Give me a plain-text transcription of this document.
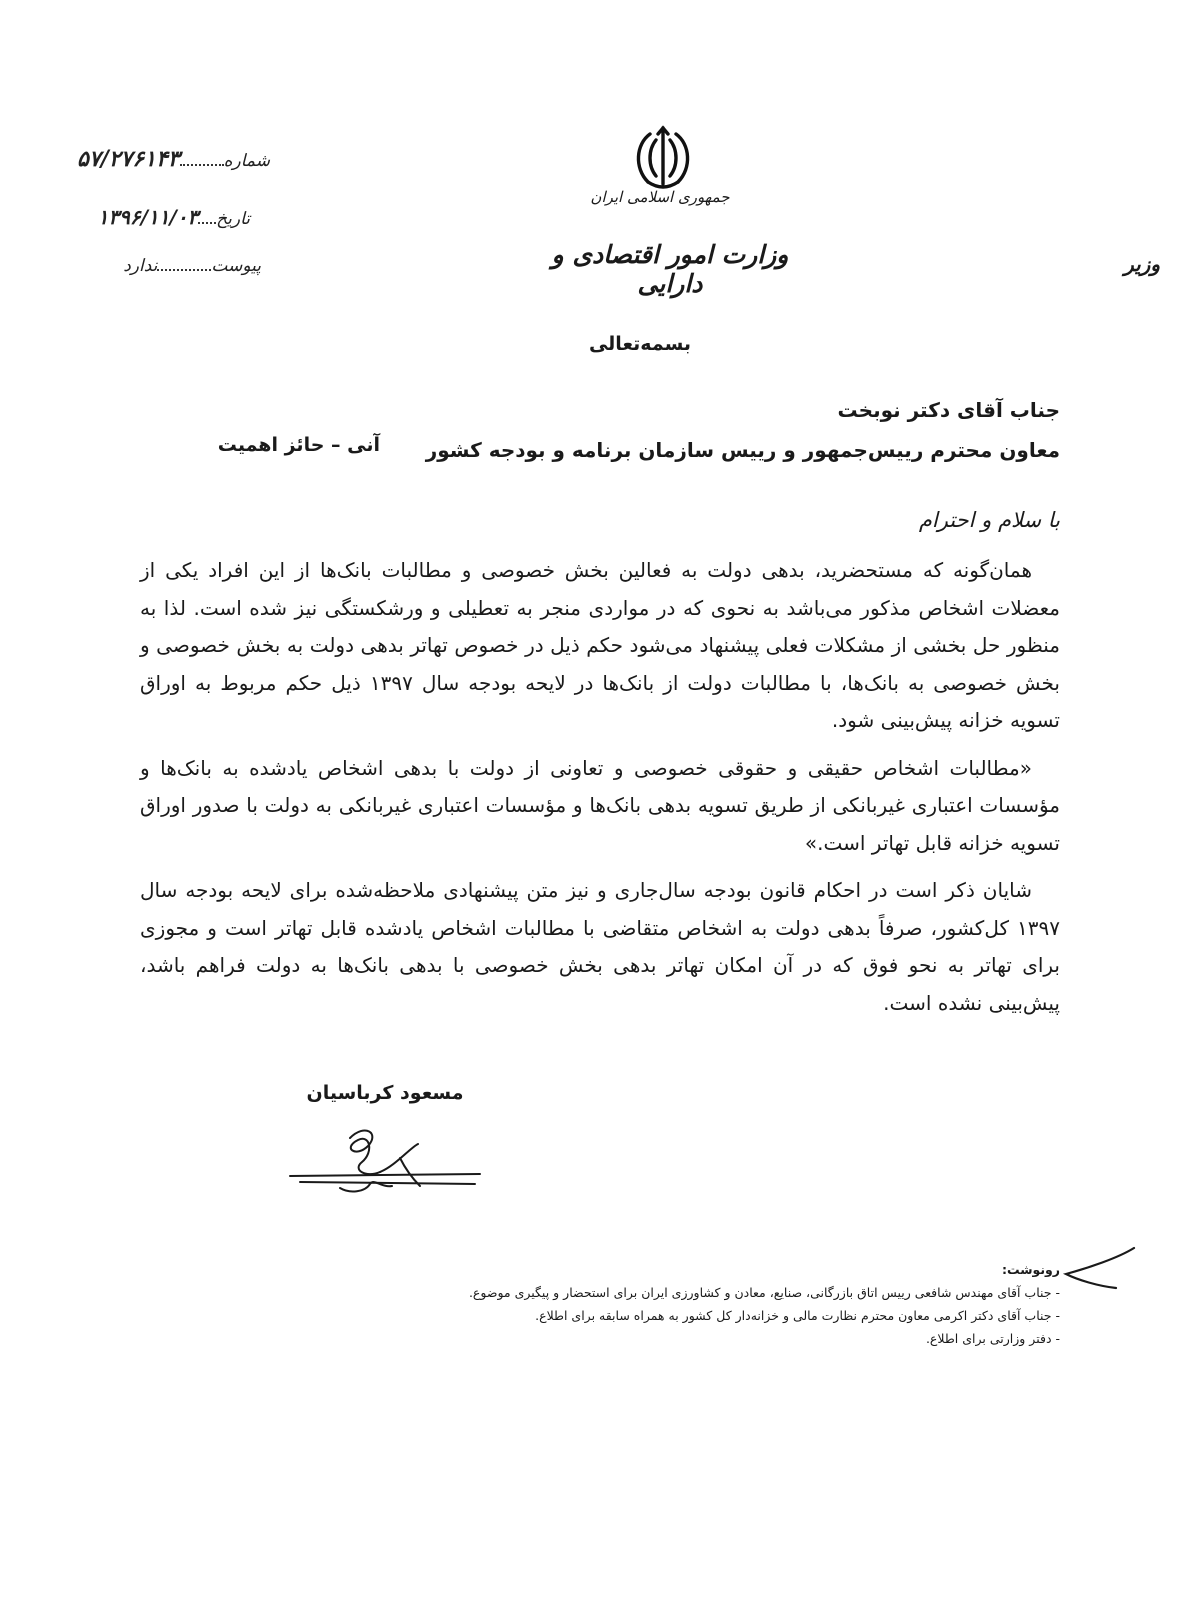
شماره۵۷/۲۷۶۱۴۳
تاریخ۱۳۹۶/۱۱/۰۳
پیوستندارد
جمهوری اسلامی ایران
وزارت امور اقتصادی و دارایی
وزیر
بسمه‌تعالی
جناب آقای دکتر نوبخت
معاون محترم رییس‌جمهور و رییس سازمان برنامه و بودجه کشور
آنی – حائز اهمیت
با سلام و احترام

همان‌گونه که مستحضرید، بدهی دولت به فعالین بخش خصوصی و مطالبات بانک‌ها از این افراد یکی از معضلات اشخاص مذکور می‌باشد به نحوی که در مواردی منجر به تعطیلی و ورشکستگی نیز شده است. لذا به منظور حل بخشی از مشکلات فعلی پیشنهاد می‌شود حکم ذیل در خصوص تهاتر بدهی دولت به بخش خصوصی و بخش خصوصی به بانک‌ها، با مطالبات دولت از بانک‌ها در لایحه بودجه سال ۱۳۹۷ ذیل حکم مربوط به اوراق تسویه خزانه پیش‌بینی شود.

«مطالبات اشخاص حقیقی و حقوقی خصوصی و تعاونی از دولت با بدهی اشخاص یادشده به بانک‌ها و مؤسسات اعتباری غیربانکی از طریق تسویه بدهی بانک‌ها و مؤسسات اعتباری غیربانکی به دولت با صدور اوراق تسویه خزانه قابل تهاتر است.»

شایان ذکر است در احکام قانون بودجه سال‌جاری و نیز متن پیشنهادی ملاحظه‌شده برای لایحه بودجه سال ۱۳۹۷ کل‌کشور، صرفاً بدهی دولت به اشخاص متقاضی با مطالبات اشخاص یادشده قابل تهاتر است و مجوزی برای تهاتر به نحو فوق که در آن امکان تهاتر بدهی بخش خصوصی با بدهی بانک‌ها به دولت فراهم باشد، پیش‌بینی نشده است.

مسعود کرباسیان
رونوشت:
- جناب آقای مهندس شافعی رییس اتاق بازرگانی، صنایع، معادن و کشاورزی ایران برای استحضار و پیگیری موضوع.
- جناب آقای دکتر اکرمی معاون محترم نظارت مالی و خزانه‌دار کل کشور به همراه سابقه برای اطلاع.
- دفتر وزارتی برای اطلاع.
